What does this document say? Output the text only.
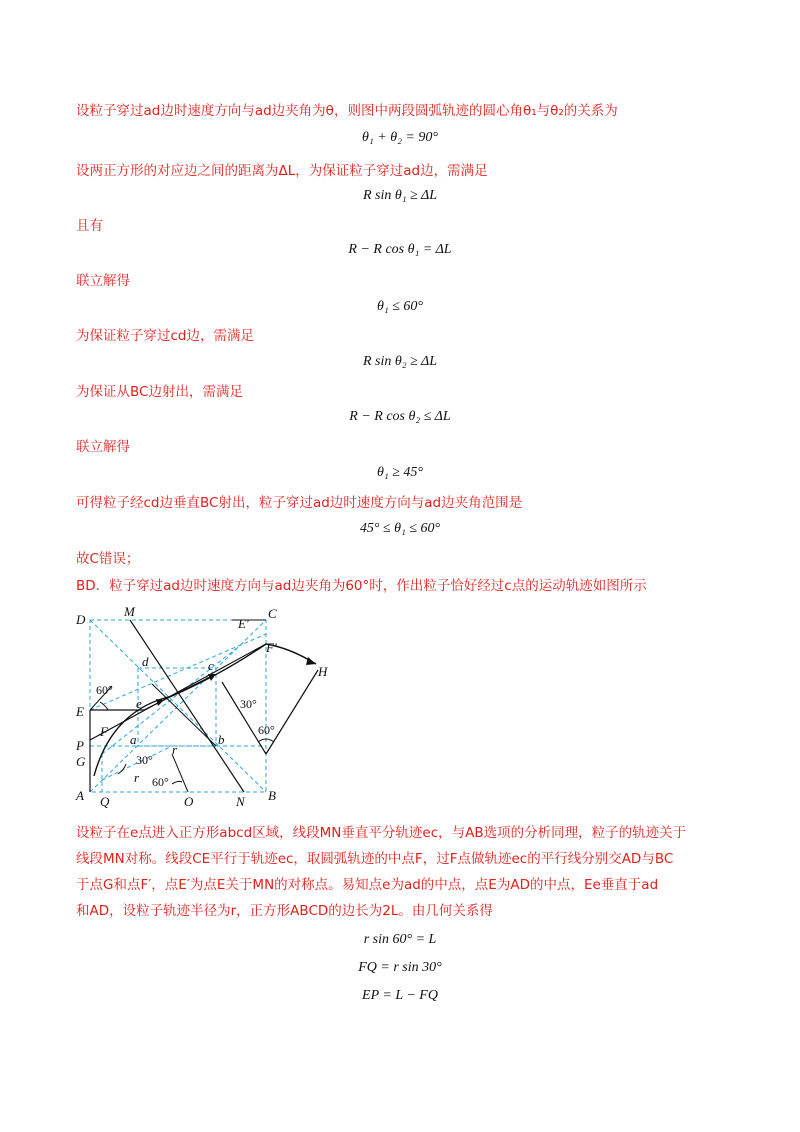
设粒子穿过ad边时速度方向与ad边夹角为θ，则图中两段圆弧轨迹的圆心角θ₁与θ₂的关系为
θ₁ + θ₂ = 90°
设两正方形的对应边之间的距离为ΔL，为保证粒子穿过ad边，需满足
R sin θ₁ ≥ ΔL
且有
R − R cos θ₁ = ΔL
联立解得
θ₁ ≤ 60°
为保证粒子穿过cd边，需满足
R sin θ₂ ≥ ΔL
为保证从BC边射出，需满足
R − R cos θ₂ ≤ ΔL
联立解得
θ₁ ≥ 45°
可得粒子经cd边垂直BC射出，粒子穿过ad边时速度方向与ad边夹角范围是
45° ≤ θ₁ ≤ 60°
故C错误；
BD．粒子穿过ad边时速度方向与ad边夹角为60°时，作出粒子恰好经过c点的运动轨迹如图所示
D
M
E′
C
F′
H
d	c
60°
E
e	30°
60°
P
F
a
r
b
G	30°
r 60°
A Q	O	N B
设粒子在e点进入正方形abcd区域，线段MN垂直平分轨迹ec，与AB选项的分析同理，粒子的轨迹关于
线段MN对称。线段CE平行于轨迹ec，取圆弧轨迹的中点F，过F点做轨迹ec的平行线分别交AD与BC
于点G和点F′，点E′为点E关于MN的对称点。易知点e为ad的中点，点E为AD的中点，Ee垂直于ad
和AD，设粒子轨迹半径为r，正方形ABCD的边长为2L。由几何关系得
r sin 60° = L
FQ = r sin 30°
EP = L − FQ
